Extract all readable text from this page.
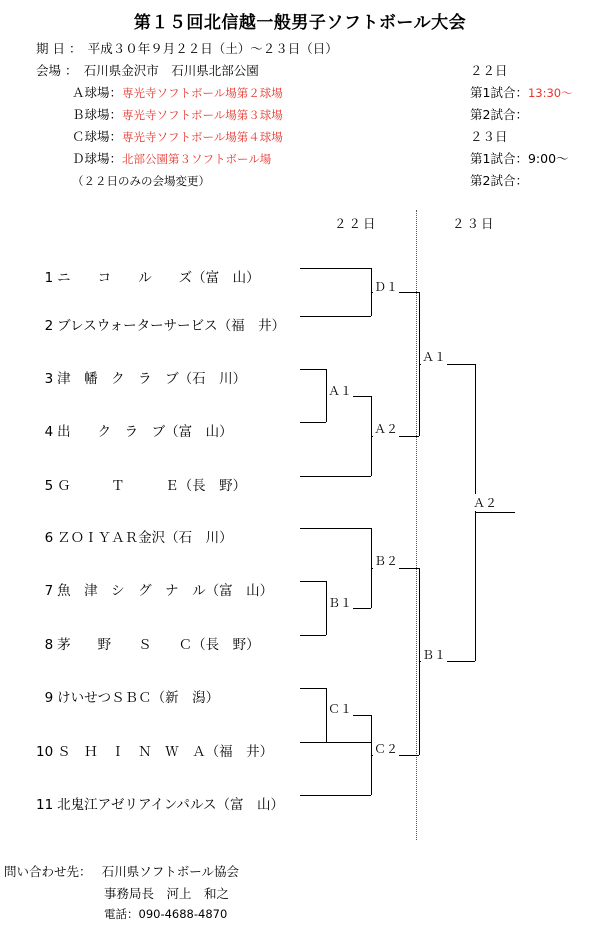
第１５回北信越一般男子ソフトボール大会
期 日 ：　平成３０年９月２２日（土）～２３日（日）
会場 ：　石川県金沢市　石川県北部公園
Ａ球場：専光寺ソフトボール場第２球場
Ｂ球場：専光寺ソフトボール場第３球場
Ｃ球場：専光寺ソフトボール場第４球場
Ｄ球場：北部公園第３ソフトボール場
（２２日のみの会場変更）
２２日
第1試合：13:30～
第2試合：
２３日
第1試合：9:00～
第2試合：
２２日	２３日

1 ニ　　コ　　ル　　ズ（富　山）

2 ブレスウォーターサービス（福　井）

3 津　幡　ク　ラ　ブ（石　川）

4 出　　ク　ラ　ブ（富　山）

5 Ｇ　　　Ｔ　　　Ｅ（長　野）

6 ＺＯＩＹＡＲ金沢（石　川）

7 魚　津　シ　グ　ナ　ル（富　山）

8 茅　　野　　Ｓ　　Ｃ（長　野）

9 けいせつＳＢＣ（新　潟）

10 Ｓ　Ｈ　Ｉ　Ｎ　Ｗ　Ａ（福　井）

11 北鬼江アゼリアインパルス（富　山）

Ｄ１
Ａ１
Ａ２
Ｂ１
Ｂ２
Ｃ１
Ｃ２
Ａ１
Ｂ１
Ａ２
問い合わせ先：　 石川県ソフトボール協会
事務局長　河上　和之
電話：090-4688-4870
